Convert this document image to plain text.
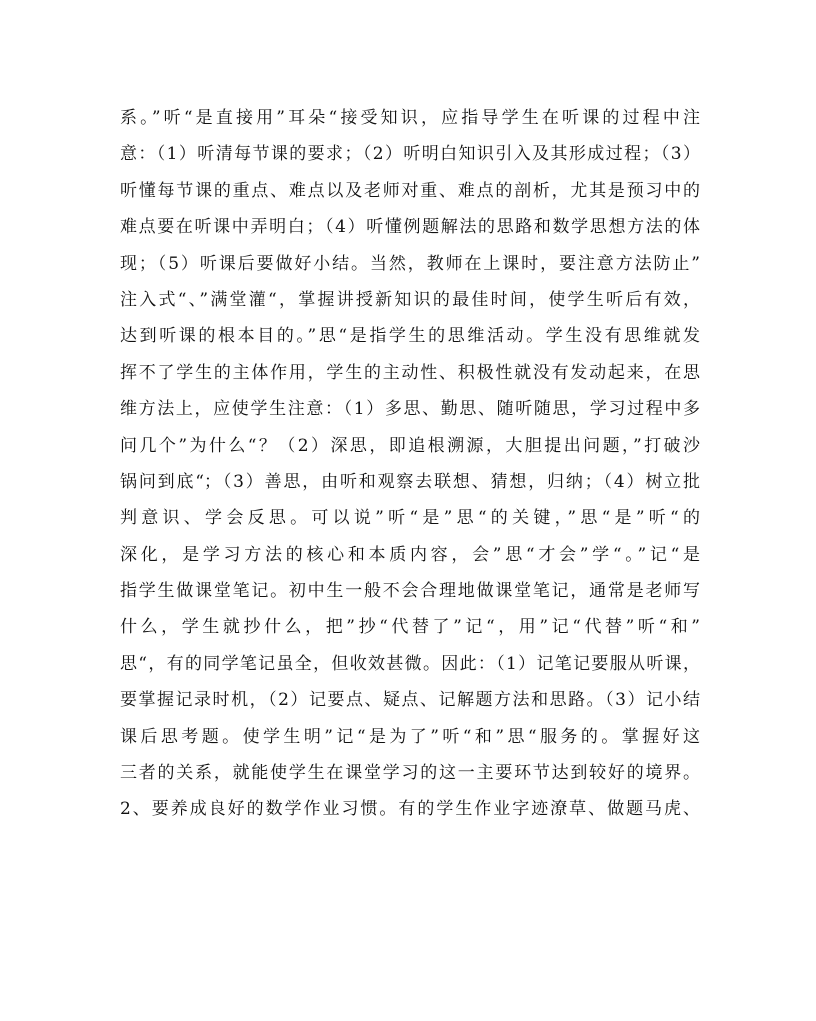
系。”听“是直接用”耳朵“接受知识，应指导学生在听课的过程中注
意：（1）听清每节课的要求；（2）听明白知识引入及其形成过程；（3）
听懂每节课的重点、难点以及老师对重、难点的剖析，尤其是预习中的
难点要在听课中弄明白；（4）听懂例题解法的思路和数学思想方法的体
现；（5）听课后要做好小结。当然，教师在上课时，要注意方法防止”
注入式“、”满堂灌“，掌握讲授新知识的最佳时间，使学生听后有效，
达到听课的根本目的。”思“是指学生的思维活动。学生没有思维就发
挥不了学生的主体作用，学生的主动性、积极性就没有发动起来，在思
维方法上，应使学生注意：（1）多思、勤思、随听随思，学习过程中多
问几个”为什么“？（2）深思，即追根溯源，大胆提出问题，”打破沙
锅问到底“；（3）善思，由听和观察去联想、猜想，归纳；（4）树立批
判意识、学会反思。可以说”听“是”思“的关键，”思“是”听“的
深化，是学习方法的核心和本质内容，会”思“才会”学“。”记“是
指学生做课堂笔记。初中生一般不会合理地做课堂笔记，通常是老师写
什么，学生就抄什么，把”抄“代替了”记“，用”记“代替”听“和”
思“，有的同学笔记虽全，但收效甚微。因此：（1）记笔记要服从听课，
要掌握记录时机，（2）记要点、疑点、记解题方法和思路。（3）记小结
课后思考题。使学生明”记“是为了”听“和”思“服务的。掌握好这
三者的关系，就能使学生在课堂学习的这一主要环节达到较好的境界。
2、要养成良好的数学作业习惯。有的学生作业字迹潦草、做题马虎、
